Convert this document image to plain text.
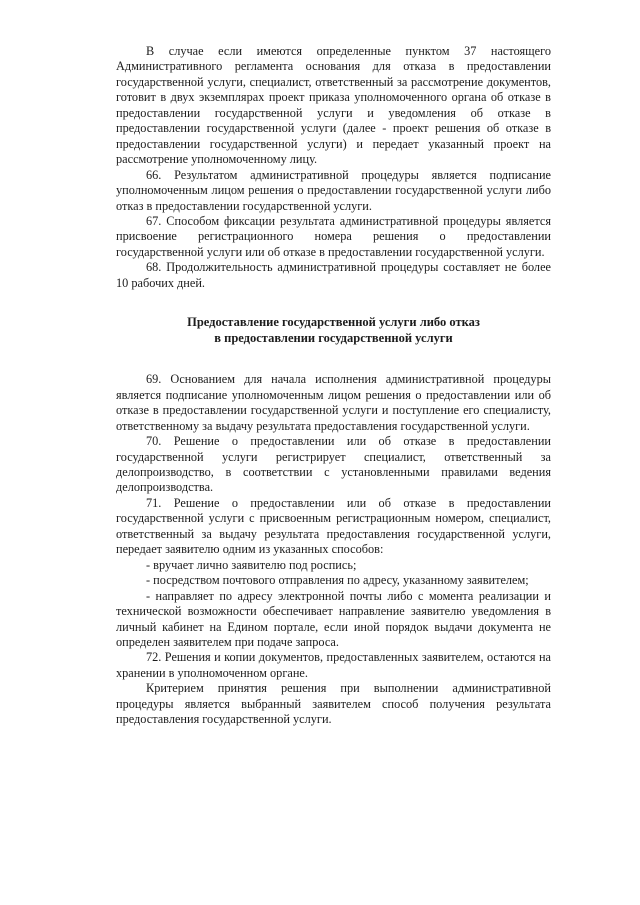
В случае если имеются определенные пунктом 37 настоящего Административного регламента основания для отказа в предоставлении государственной услуги, специалист, ответственный за рассмотрение документов, готовит в двух экземплярах проект приказа уполномоченного органа об отказе в предоставлении государственной услуги и уведомления об отказе в предоставлении государственной услуги (далее - проект решения об отказе в предоставлении государственной услуги) и передает указанный проект на рассмотрение уполномоченному лицу.

66. Результатом административной процедуры является подписание уполномоченным лицом решения о предоставлении государственной услуги либо отказ в предоставлении государственной услуги.

67. Способом фиксации результата административной процедуры является присвоение регистрационного номера решения о предоставлении государственной услуги или об отказе в предоставлении государственной услуги.

68. Продолжительность административной процедуры составляет не более 10 рабочих дней.

Предоставление государственной услуги либо отказ
в предоставлении государственной услуги

69. Основанием для начала исполнения административной процедуры является подписание уполномоченным лицом решения о предоставлении или об отказе в предоставлении государственной услуги и поступление его специалисту, ответственному за выдачу результата предоставления государственной услуги.

70. Решение о предоставлении или об отказе в предоставлении государственной услуги регистрирует специалист, ответственный за делопроизводство, в соответствии с установленными правилами ведения делопроизводства.

71. Решение о предоставлении или об отказе в предоставлении государственной услуги с присвоенным регистрационным номером, специалист, ответственный за выдачу результата предоставления государственной услуги, передает заявителю одним из указанных способов:

- вручает лично заявителю под роспись;

- посредством почтового отправления по адресу, указанному заявителем;

- направляет по адресу электронной почты либо с момента реализации и технической возможности обеспечивает направление заявителю уведомления в личный кабинет на Едином портале, если иной порядок выдачи документа не определен заявителем при подаче запроса.

72. Решения и копии документов, предоставленных заявителем, остаются на хранении в уполномоченном органе.

Критерием принятия решения при выполнении административной процедуры является выбранный заявителем способ получения результата предоставления государственной услуги.
